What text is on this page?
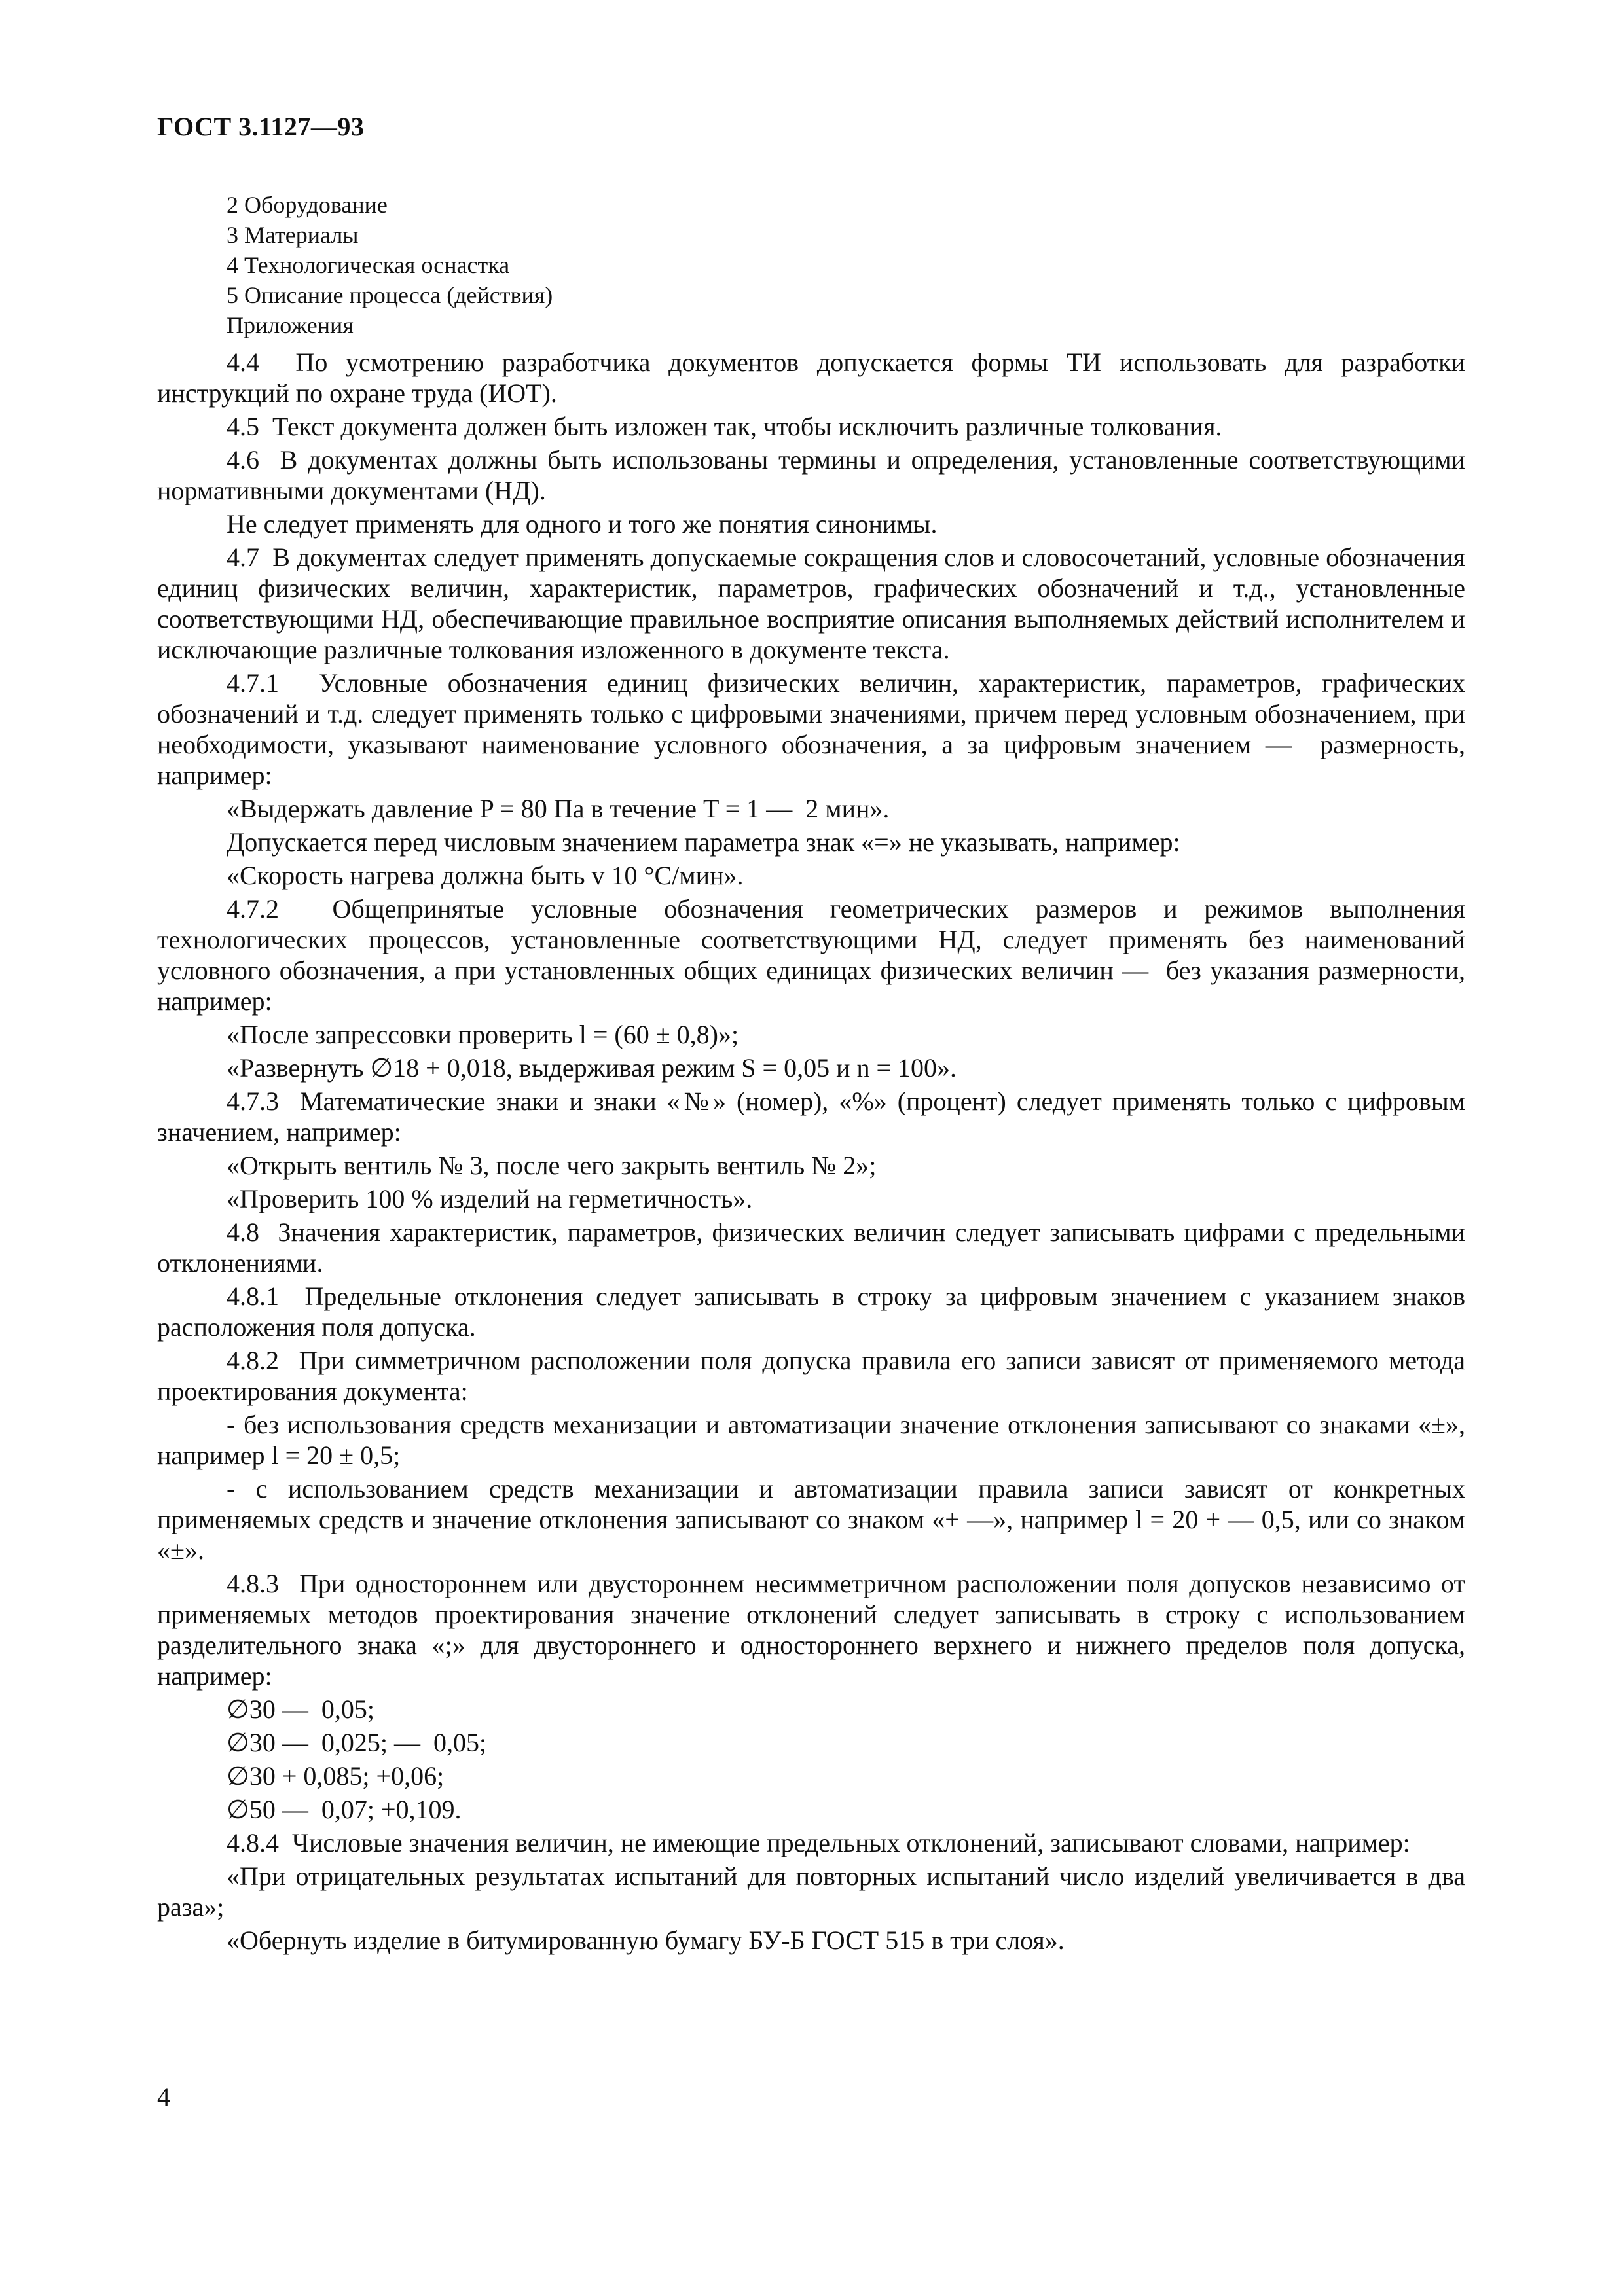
ГОСТ 3.1127—93
2 Оборудование
3 Материалы
4 Технологическая оснастка
5 Описание процесса (действия)
Приложения

4.4  По усмотрению разработчика документов допускается формы ТИ использовать для разработки инструкций по охране труда (ИОТ).

4.5  Текст документа должен быть изложен так, чтобы исключить различные толкования.

4.6  В документах должны быть использованы термины и определения, установленные соответствующими нормативными документами (НД).

Не следует применять для одного и того же понятия синонимы.

4.7  В документах следует применять допускаемые сокращения слов и словосочетаний, условные обозначения единиц физических величин, характеристик, параметров, графических обозначений и т.д., установленные соответствующими НД, обеспечивающие правильное восприятие описания выполняемых действий исполнителем и исключающие различные толкования изложенного в документе текста.

4.7.1  Условные обозначения единиц физических величин, характеристик, параметров, графических обозначений и т.д. следует применять только с цифровыми значениями, причем перед условным обозначением, при необходимости, указывают наименование условного обозначения, а за цифровым значением —  размерность, например:

«Выдержать давление P = 80 Па в течение T = 1 —  2 мин».

Допускается перед числовым значением параметра знак «=» не указывать, например:

«Скорость нагрева должна быть v 10 °С/мин».

4.7.2  Общепринятые условные обозначения геометрических размеров и режимов выполнения технологических процессов, установленные соответствующими НД, следует применять без наименований условного обозначения, а при установленных общих единицах физических величин —  без указания размерности, например:

«После запрессовки проверить l = (60 ± 0,8)»;

«Развернуть ∅18 + 0,018, выдерживая режим S = 0,05 и n = 100».

4.7.3  Математические знаки и знаки «№» (номер), «%» (процент) следует применять только с цифровым значением, например:

«Открыть вентиль № 3, после чего закрыть вентиль № 2»;

«Проверить 100 % изделий на герметичность».

4.8  Значения характеристик, параметров, физических величин следует записывать цифрами с предельными отклонениями.

4.8.1  Предельные отклонения следует записывать в строку за цифровым значением с указанием знаков расположения поля допуска.

4.8.2  При симметричном расположении поля допуска правила его записи зависят от применяемого метода проектирования документа:

- без использования средств механизации и автоматизации значение отклонения записывают со знаками «±», например l = 20 ± 0,5;

- с использованием средств механизации и автоматизации правила записи зависят от конкретных применяемых средств и значение отклонения записывают со знаком «+ —», например l = 20 + — 0,5, или со знаком «±».

4.8.3  При одностороннем или двустороннем несимметричном расположении поля допусков независимо от применяемых методов проектирования значение отклонений следует записывать в строку с использованием разделительного знака «;» для двустороннего и одностороннего верхнего и нижнего пределов поля допуска, например:

∅30 —  0,05;

∅30 —  0,025; —  0,05;

∅30 + 0,085; +0,06;

∅50 —  0,07; +0,109.

4.8.4  Числовые значения величин, не имеющие предельных отклонений, записывают словами, например:

«При отрицательных результатах испытаний для повторных испытаний число изделий увеличивается в два раза»;

«Обернуть изделие в битумированную бумагу БУ-Б ГОСТ 515 в три слоя».

4
